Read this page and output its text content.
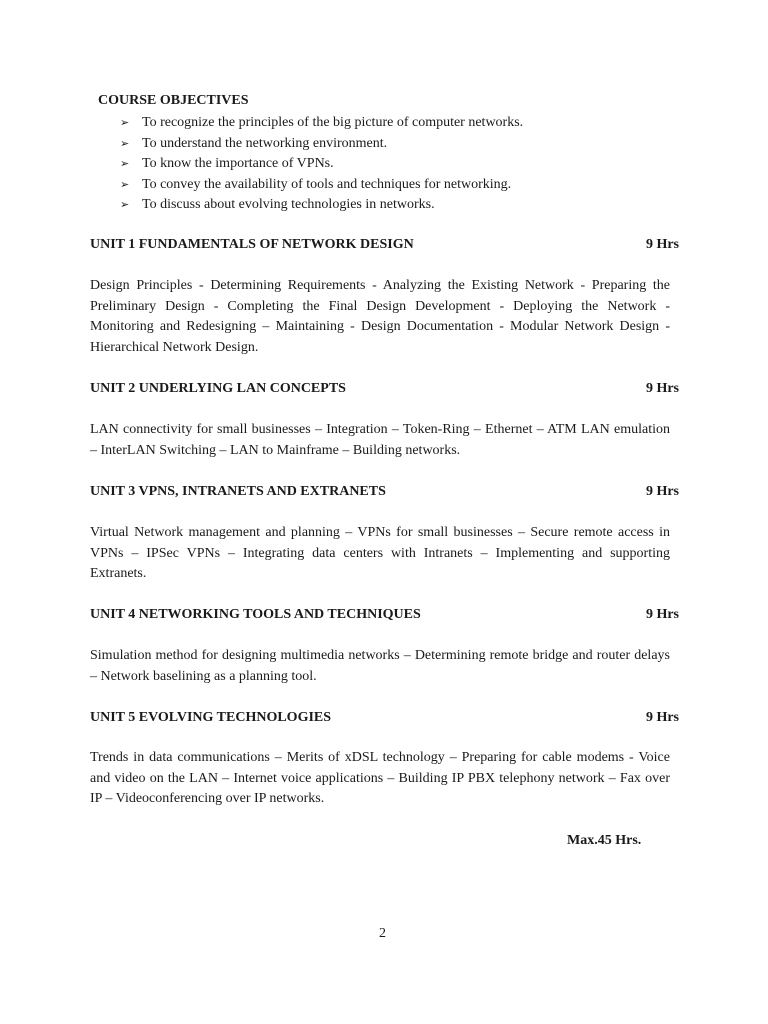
COURSE OBJECTIVES
➢ To recognize the principles of the big picture of computer networks.
➢ To understand the networking environment.
➢ To know the importance of VPNs.
➢ To convey the availability of tools and techniques for networking.
➢ To discuss about evolving technologies in networks.
UNIT 1 FUNDAMENTALS OF NETWORK DESIGN	9 Hrs
Design Principles - Determining Requirements - Analyzing the Existing Network - Preparing the Preliminary Design - Completing the Final Design Development - Deploying the Network - Monitoring and Redesigning – Maintaining - Design Documentation - Modular Network Design - Hierarchical Network Design.
UNIT 2 UNDERLYING LAN CONCEPTS	9 Hrs
LAN connectivity for small businesses – Integration – Token-Ring – Ethernet – ATM LAN emulation – InterLAN Switching – LAN to Mainframe – Building networks.
UNIT 3 VPNS, INTRANETS AND EXTRANETS	9 Hrs
Virtual Network management and planning – VPNs for small businesses – Secure remote access in VPNs – IPSec VPNs – Integrating data centers with Intranets – Implementing and supporting Extranets.
UNIT 4 NETWORKING TOOLS AND TECHNIQUES	9 Hrs
Simulation method for designing multimedia networks – Determining remote bridge and router delays – Network baselining as a planning tool.
UNIT 5 EVOLVING TECHNOLOGIES	9 Hrs
Trends in data communications – Merits of xDSL technology – Preparing for cable modems - Voice and video on the LAN – Internet voice applications – Building IP PBX telephony network – Fax over IP – Videoconferencing over IP networks.
Max.45 Hrs.
2
